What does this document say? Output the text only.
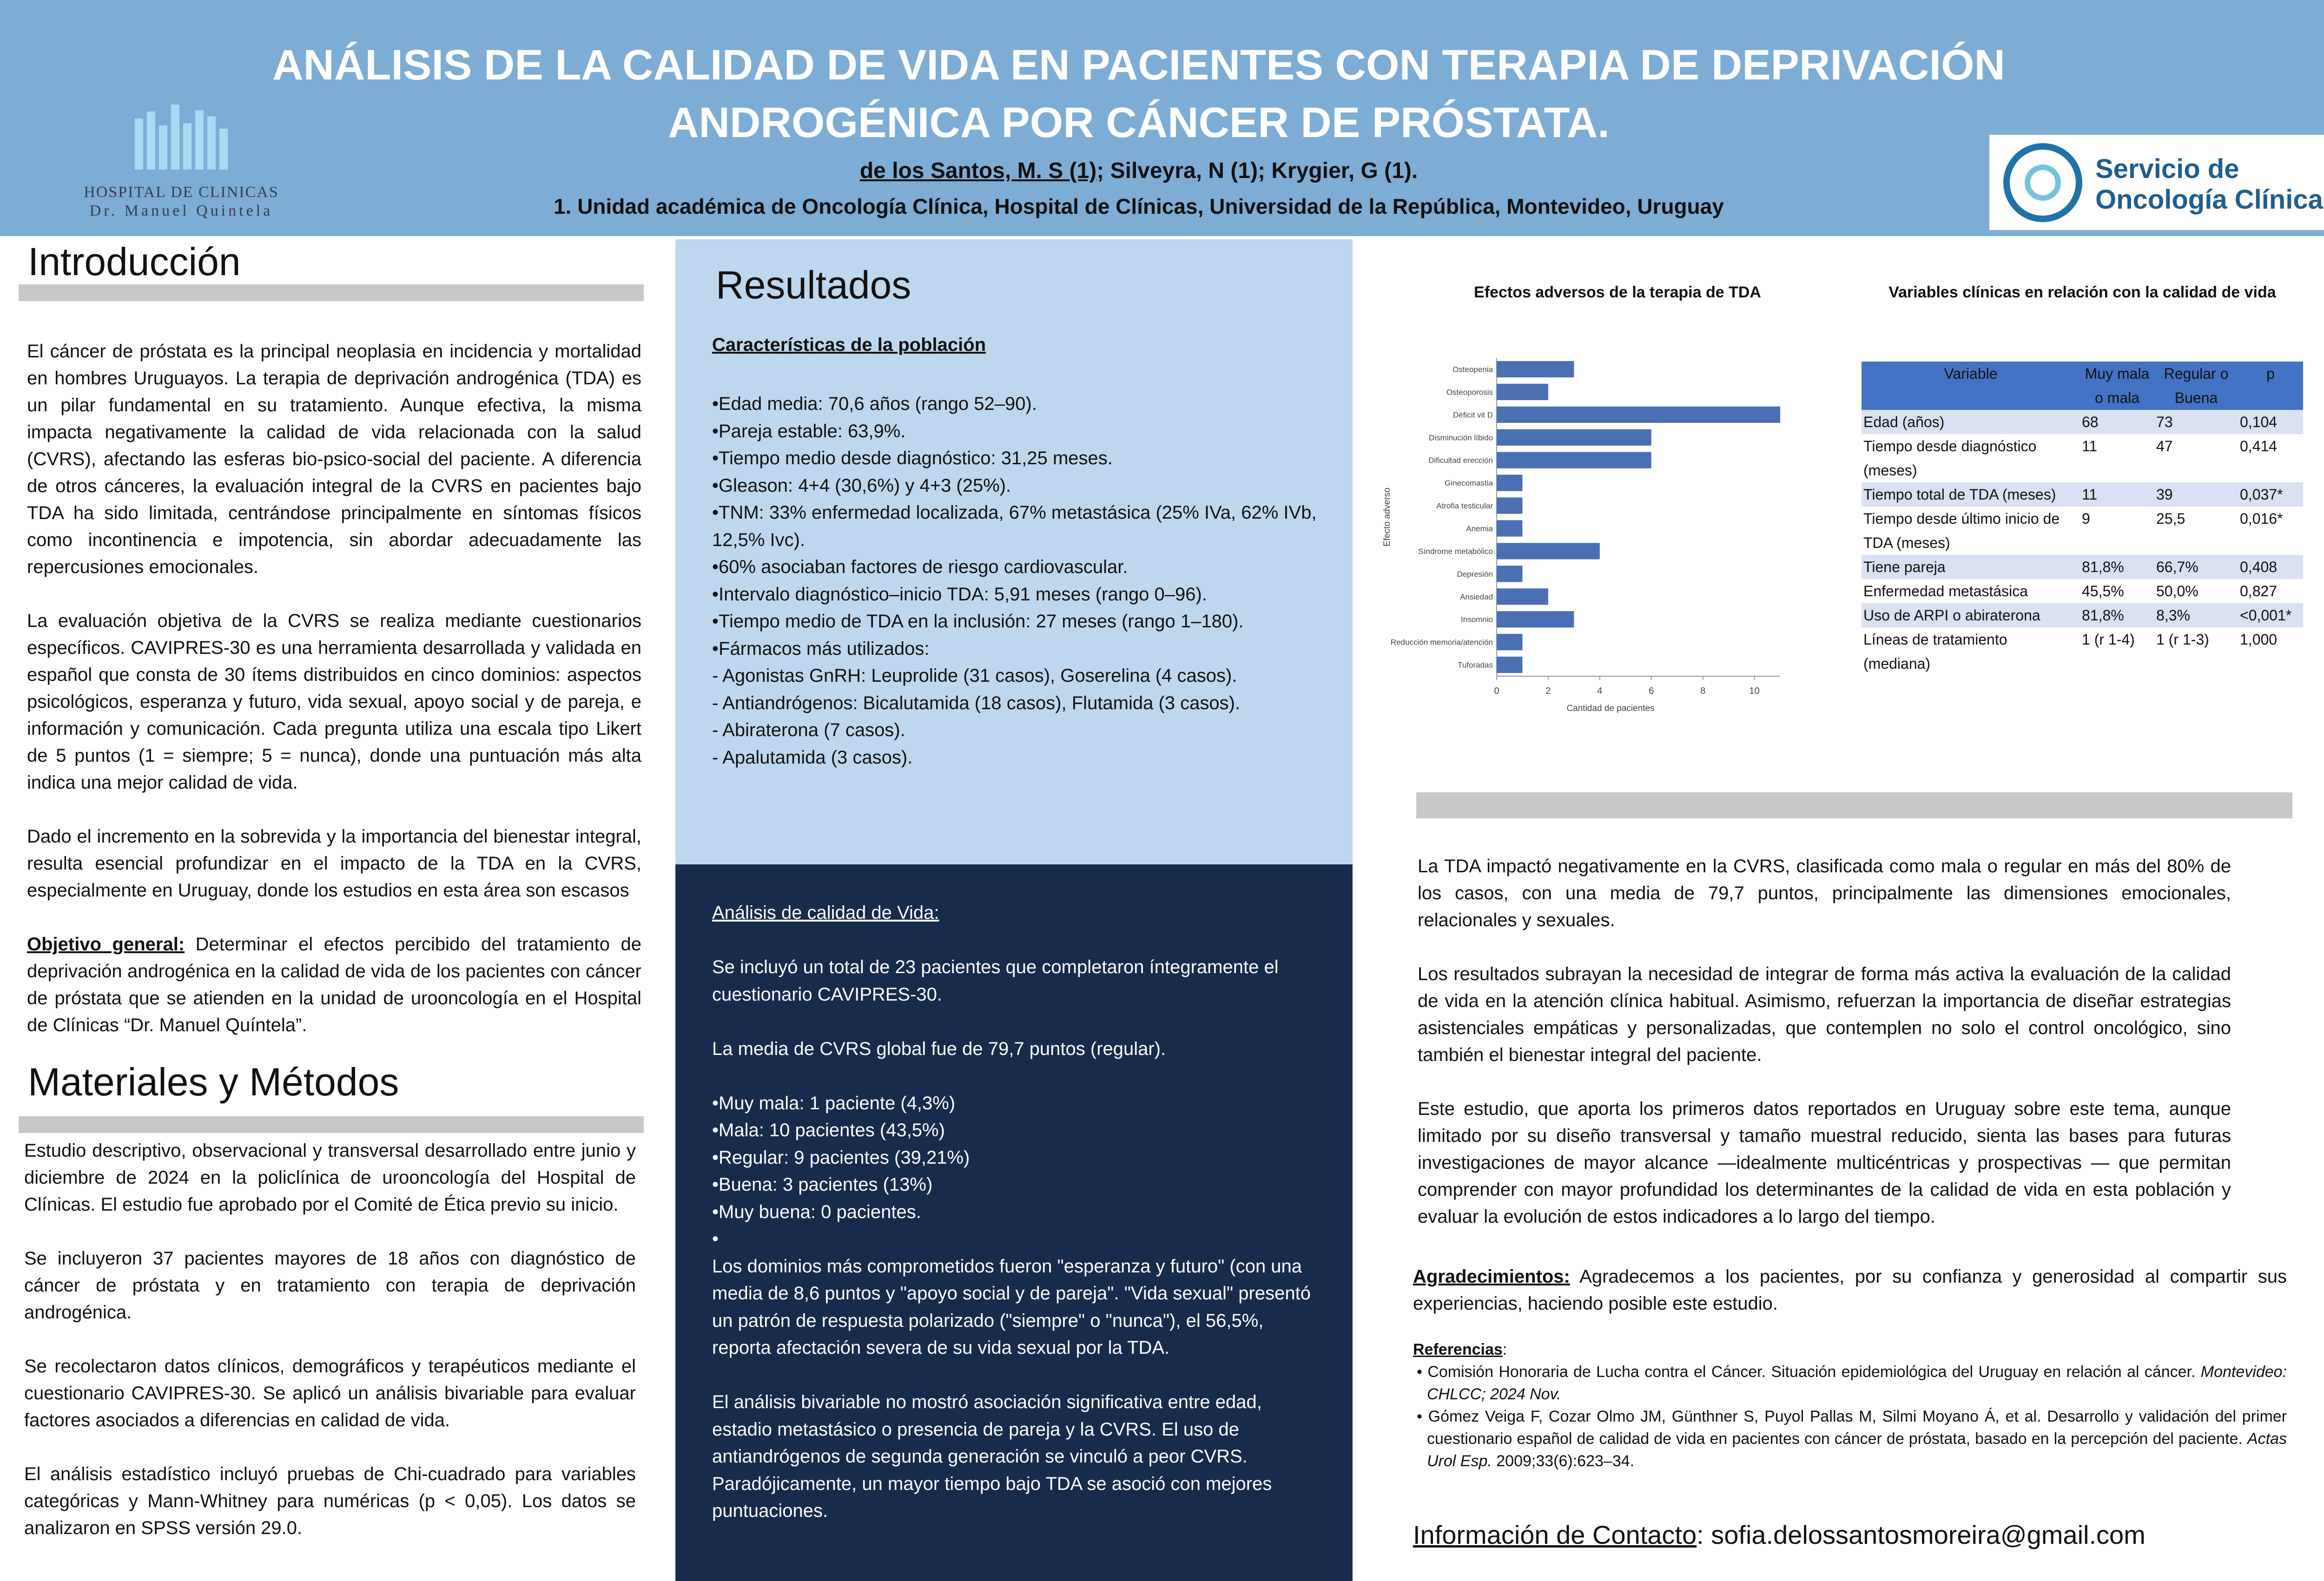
HOSPITAL DE CLINICAS
Dr. Manuel Quintela
ANÁLISIS DE LA CALIDAD DE VIDA EN PACIENTES CON TERAPIA DE DEPRIVACIÓN ANDROGÉNICA POR CÁNCER DE PRÓSTATA.
de los Santos, M. S (1); Silveyra, N (1); Krygier, G (1).
1. Unidad académica de Oncología Clínica, Hospital de Clínicas, Universidad de la República, Montevideo, Uruguay
Servicio de
Oncología Clínica
Introducción

El cáncer de próstata es la principal neoplasia en incidencia y mortalidad en hombres Uruguayos. La terapia de deprivación androgénica (TDA) es un pilar fundamental en su tratamiento. Aunque efectiva, la misma impacta negativamente la calidad de vida relacionada con la salud (CVRS), afectando las esferas bio-psico-social del paciente. A diferencia de otros cánceres, la evaluación integral de la CVRS en pacientes bajo TDA ha sido limitada, centrándose principalmente en síntomas físicos como incontinencia e impotencia, sin abordar adecuadamente las repercusiones emocionales.

La evaluación objetiva de la CVRS se realiza mediante cuestionarios específicos. CAVIPRES-30 es una herramienta desarrollada y validada en español que consta de 30 ítems distribuidos en cinco dominios: aspectos psicológicos, esperanza y futuro, vida sexual, apoyo social y de pareja, e información y comunicación. Cada pregunta utiliza una escala tipo Likert de 5 puntos (1 = siempre; 5 = nunca), donde una puntuación más alta indica una mejor calidad de vida.

Dado el incremento en la sobrevida y la importancia del bienestar integral, resulta esencial profundizar en el impacto de la TDA en la CVRS, especialmente en Uruguay, donde los estudios en esta área son escasos

Objetivo general: Determinar el efectos percibido del tratamiento de deprivación androgénica en la calidad de vida de los pacientes con cáncer de próstata que se atienden en la unidad de urooncología en el Hospital de Clínicas “Dr. Manuel Quíntela”.

Materiales y Métodos

Estudio descriptivo, observacional y transversal desarrollado entre junio y diciembre de 2024 en la policlínica de urooncología del Hospital de Clínicas. El estudio fue aprobado por el Comité de Ética previo su inicio.

Se incluyeron 37 pacientes mayores de 18 años con diagnóstico de cáncer de próstata y en tratamiento con terapia de deprivación androgénica.

Se recolectaron datos clínicos, demográficos y terapéuticos mediante el cuestionario CAVIPRES-30. Se aplicó un análisis bivariable para evaluar factores asociados a diferencias en calidad de vida.

El análisis estadístico incluyó pruebas de Chi-cuadrado para variables categóricas y Mann-Whitney para numéricas (p < 0,05). Los datos se analizaron en SPSS versión 29.0.

Resultados
Características de la población
•Edad media: 70,6 años (rango 52–90).
•Pareja estable: 63,9%.
•Tiempo medio desde diagnóstico: 31,25 meses.
•Gleason: 4+4 (30,6%) y 4+3 (25%).
•TNM: 33% enfermedad localizada, 67% metastásica (25% IVa, 62% IVb, 12,5% Ivc).
•60% asociaban factores de riesgo cardiovascular.
•Intervalo diagnóstico–inicio TDA: 5,91 meses (rango 0–96).
•Tiempo medio de TDA en la inclusión: 27 meses (rango 1–180).
•Fármacos más utilizados:
- Agonistas GnRH: Leuprolide (31 casos), Goserelina (4 casos).
- Antiandrógenos: Bicalutamida (18 casos), Flutamida (3 casos).
- Abiraterona (7 casos).
- Apalutamida (3 casos).
Análisis de calidad de Vida:
Se incluyó un total de 23 pacientes que completaron íntegramente el cuestionario CAVIPRES-30.
La media de CVRS global fue de 79,7 puntos (regular).
•Muy mala: 1 paciente (4,3%)
•Mala: 10 pacientes (43,5%)
•Regular: 9 pacientes (39,21%)
•Buena: 3 pacientes (13%)
•Muy buena: 0 pacientes.
•
Los dominios más comprometidos fueron "esperanza y futuro" (con una media de 8,6 puntos y "apoyo social y de pareja". "Vida sexual" presentó un patrón de respuesta polarizado ("siempre" o "nunca"), el 56,5%, reporta afectación severa de su vida sexual por la TDA.
El análisis bivariable no mostró asociación significativa entre edad, estadio metastásico o presencia de pareja y la CVRS. El uso de antiandrógenos de segunda generación se vinculó a peor CVRS. Paradójicamente, un mayor tiempo bajo TDA se asoció con mejores puntuaciones.
Efectos adversos de la terapia de TDA
0	2	4	6	8	10
Osteopenia
Osteoporosis
Déficit vit D
Disminución líbido
Dificultad erección
Ginecomastia
Atrofia testicular
Anemia
Síndrome metabólico
Depresión
Ansiedad
Insomnio
Reducción memoria/atención
Tuforadas
Cantidad de pacientes
Efecto adverso
Variables clínicas en relación con la calidad de vida
Variable	Muy mala o mala	Regular o Buena	p
Edad (años)	68	73	0,104
Tiempo desde diagnóstico (meses)	11	47	0,414
Tiempo total de TDA (meses)	11	39	0,037*
Tiempo desde último inicio de TDA (meses)	9	25,5	0,016*
Tiene pareja	81,8%	66,7%	0,408
Enfermedad metastásica	45,5%	50,0%	0,827
Uso de ARPI o abiraterona	81,8%	8,3%	<0,001*
Líneas de tratamiento (mediana)	1 (r 1-4)	1 (r 1-3)	1,000

La TDA impactó negativamente en la CVRS, clasificada como mala o regular en más del 80% de los casos, con una media de 79,7 puntos, principalmente las dimensiones emocionales, relacionales y sexuales.

Los resultados subrayan la necesidad de integrar de forma más activa la evaluación de la calidad de vida en la atención clínica habitual. Asimismo, refuerzan la importancia de diseñar estrategias asistenciales empáticas y personalizadas, que contemplen no solo el control oncológico, sino también el bienestar integral del paciente.

Este estudio, que aporta los primeros datos reportados en Uruguay sobre este tema, aunque limitado por su diseño transversal y tamaño muestral reducido, sienta las bases para futuras investigaciones de mayor alcance —idealmente multicéntricas y prospectivas — que permitan comprender con mayor profundidad los determinantes de la calidad de vida en esta población y evaluar la evolución de estos indicadores a lo largo del tiempo.

Agradecimientos: Agradecemos a los pacientes, por su confianza y generosidad al compartir sus experiencias, haciendo posible este estudio.
Referencias:
• Comisión Honoraria de Lucha contra el Cáncer. Situación epidemiológica del Uruguay en relación al cáncer. Montevideo: CHLCC; 2024 Nov.
• Gómez Veiga F, Cozar Olmo JM, Günthner S, Puyol Pallas M, Silmi Moyano Á, et al. Desarrollo y validación del primer cuestionario español de calidad de vida en pacientes con cáncer de próstata, basado en la percepción del paciente. Actas Urol Esp. 2009;33(6):623–34.
Información de Contacto: sofia.delossantosmoreira@gmail.com
